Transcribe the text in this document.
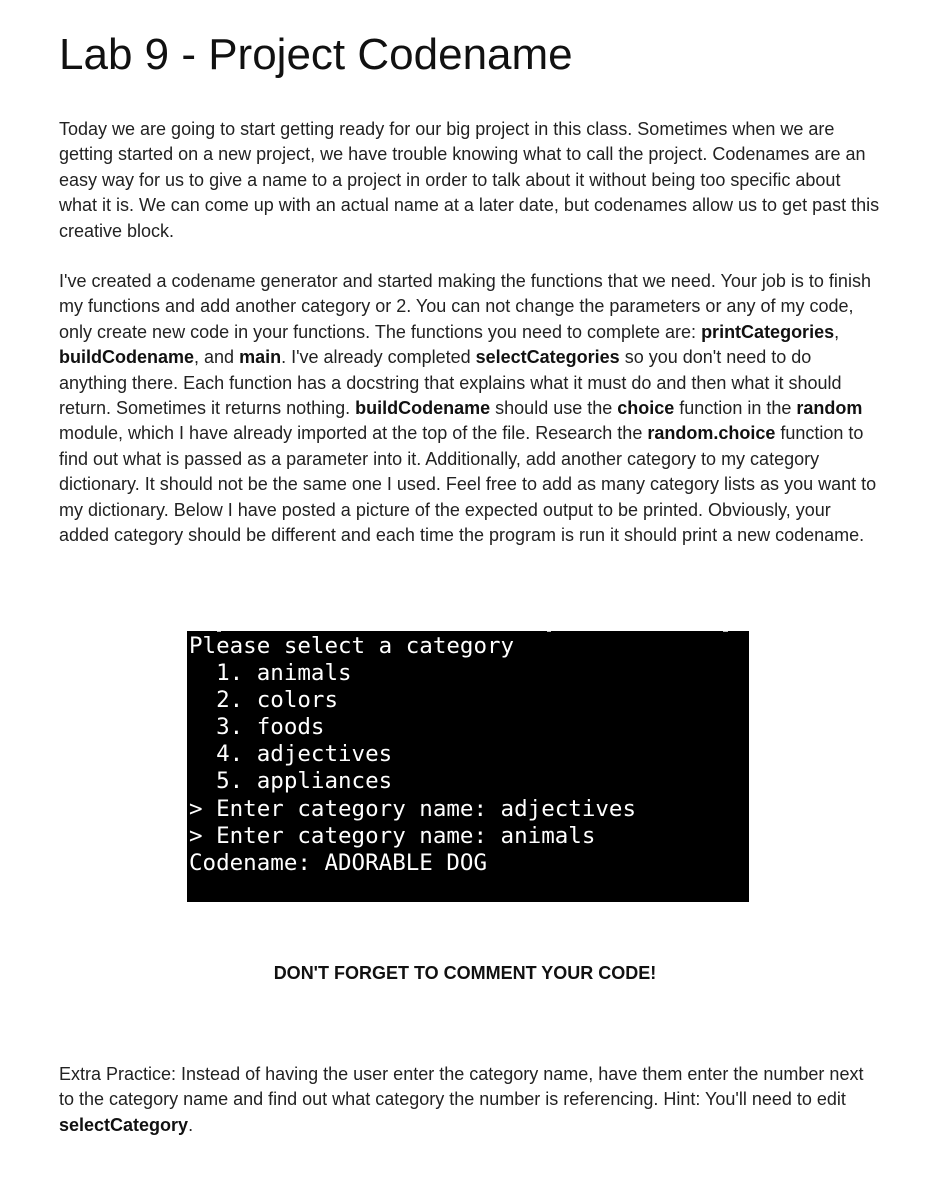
Lab 9 - Project Codename

Today we are going to start getting ready for our big project in this class. Sometimes when we are getting started on a new project, we have trouble knowing what to call the project. Codenames are an easy way for us to give a name to a project in order to talk about it without being too specific about what it is. We can come up with an actual name at a later date, but codenames allow us to get past this creative block.

I've created a codename generator and started making the functions that we need. Your job is to finish my functions and add another category or 2. You can not change the parameters or any of my code, only create new code in your functions. The functions you need to complete are: printCategories, buildCodename, and main. I've already completed selectCategories so you don't need to do anything there. Each function has a docstring that explains what it must do and then what it should return. Sometimes it returns nothing. buildCodename should use the choice function in the random module, which I have already imported at the top of the file. Research the random.choice function to find out what is passed as a parameter into it. Additionally, add another category to my category dictionary. It should not be the same one I used. Feel free to add as many category lists as you want to my dictionary. Below I have posted a picture of the expected output to be printed. Obviously, your added category should be different and each time the program is run it should print a new codename.

Extra Practice: Instead of having the user enter the category name, have them enter the number next to the category name and find out what category the number is referencing. Hint: You'll need to edit selectCategory.

Please select a category
1. animals
2. colors
3. foods
4. adjectives
5. appliances
> Enter category name: adjectives
> Enter category name: animals
Codename: ADORABLE DOG
DON'T FORGET TO COMMENT YOUR CODE!
